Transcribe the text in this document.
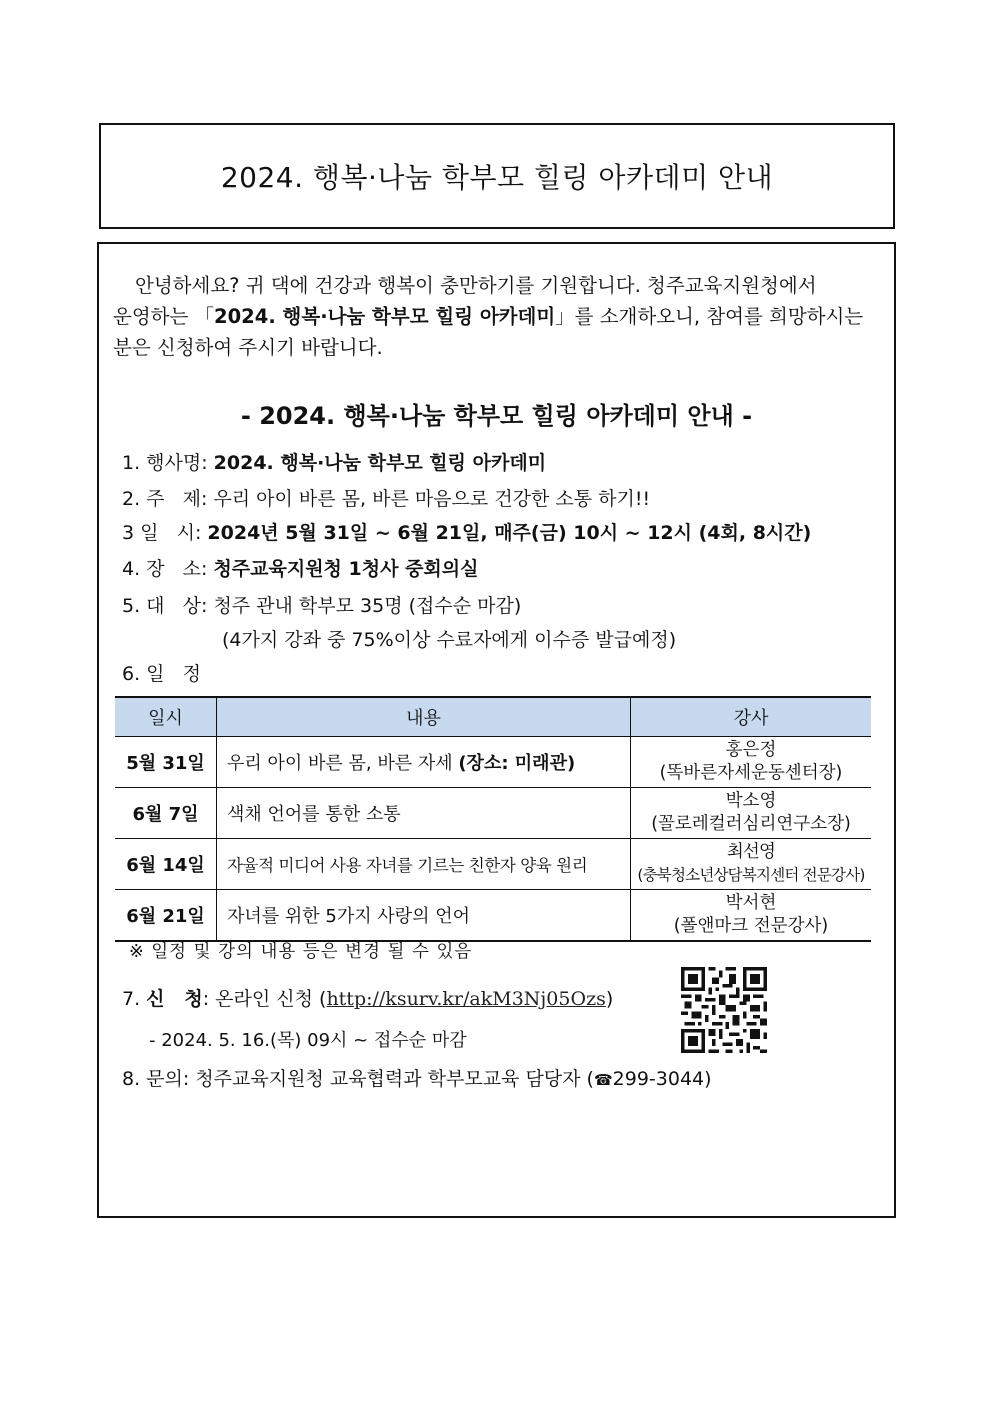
2024. 행복·나눔 학부모 힐링 아카데미 안내

안녕하세요? 귀 댁에 건강과 행복이 충만하기를 기원합니다. 청주교육지원청에서

운영하는 「2024. 행복·나눔 학부모 힐링 아카데미」를 소개하오니, 참여를 희망하시는

분은 신청하여 주시기 바랍니다.

- 2024. 행복·나눔 학부모 힐링 아카데미 안내 -
1. 행사명: 2024. 행복·나눔 학부모 힐링 아카데미
2. 주   제: 우리 아이 바른 몸, 바른 마음으로 건강한 소통 하기!!
3 일   시: 2024년 5월 31일 ~ 6월 21일, 매주(금) 10시 ~ 12시 (4회, 8시간)
4. 장   소: 청주교육지원청 1청사 중회의실
5. 대   상: 청주 관내 학부모 35명 (접수순 마감)
(4가지 강좌 중 75%이상 수료자에게 이수증 발급예정)
6. 일   정
일시	내용	강사
5월 31일	우리 아이 바른 몸, 바른 자세 (장소: 미래관)	홍은정
(똑바른자세운동센터장)

6월 7일	색채 언어를 통한 소통	박소영
(꼴로레컬러심리연구소장)

6월 14일	자율적 미디어 사용 자녀를 기르는 친한자 양육 원리	최선영
(충북청소년상담복지센터 전문강사)

6월 21일	자녀를 위한 5가지 사랑의 언어	박서현
(폴앤마크 전문강사)
※ 일정 및 강의 내용 등은 변경 될 수 있음
7. 신   청: 온라인 신청 (http://ksurv.kr/akM3Nj05Ozs)
- 2024. 5. 16.(목) 09시 ~ 접수순 마감
8. 문의: 청주교육지원청 교육협력과 학부모교육 담당자 (☎299-3044)
